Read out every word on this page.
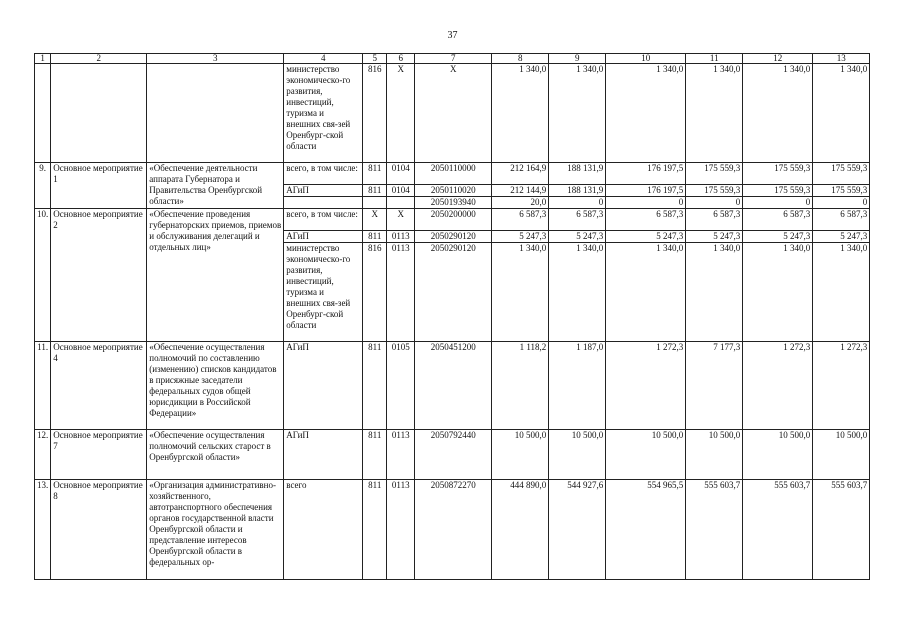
37
1	2	3	4	5	6	7	8	9	10	11	12	13
			министерство экономическо-го развития, инвестиций, туризма и внешних свя-зей Оренбург-ской области	816	X	X	1 340,0	1 340,0	1 340,0	1 340,0	1 340,0	1 340,0
9.	Основное мероприятие 1	«Обеспечение деятельности аппарата Губернатора и Правительства Оренбургской области»	всего, в том числе:	811	0104	2050110000	212 164,9	188 131,9	176 197,5	175 559,3	175 559,3	175 559,3
			АГиП	811	0104	2050110020	212 144,9	188 131,9	176 197,5	175 559,3	175 559,3	175 559,3
						2050193940	20,0	0	0	0	0	0
10.	Основное мероприятие 2	«Обеспечение проведения губернаторских приемов, приемов и обслуживания делегаций и отдельных лиц»	всего, в том числе:	X	X	2050200000	6 587,3	6 587,3	6 587,3	6 587,3	6 587,3	6 587,3
			АГиП	811	0113	2050290120	5 247,3	5 247,3	5 247,3	5 247,3	5 247,3	5 247,3
			министерство экономическо-го развития, инвестиций, туризма и внешних свя-зей Оренбург-ской области	816	0113	2050290120	1 340,0	1 340,0	1 340,0	1 340,0	1 340,0	1 340,0
11.	Основное мероприятие 4	«Обеспечение осуществления полномочий по составлению (изменению) списков кандидатов в присяжные заседатели федеральных судов общей юрисдикции в Российской Федерации»	АГиП	811	0105	2050451200	1 118,2	1 187,0	1 272,3	7 177,3	1 272,3	1 272,3
12.	Основное мероприятие 7	«Обеспечение осуществления полномочий сельских старост в Оренбургской области»	АГиП	811	0113	2050792440	10 500,0	10 500,0	10 500,0	10 500,0	10 500,0	10 500,0
13.	Основное мероприятие 8	«Организация административно-хозяйственного, автотранспортного обеспечения органов государственной власти Оренбургской области и представление интересов Оренбургской области в федеральных ор-	всего	811	0113	2050872270	444 890,0	544 927,6	554 965,5	555 603,7	555 603,7	555 603,7
